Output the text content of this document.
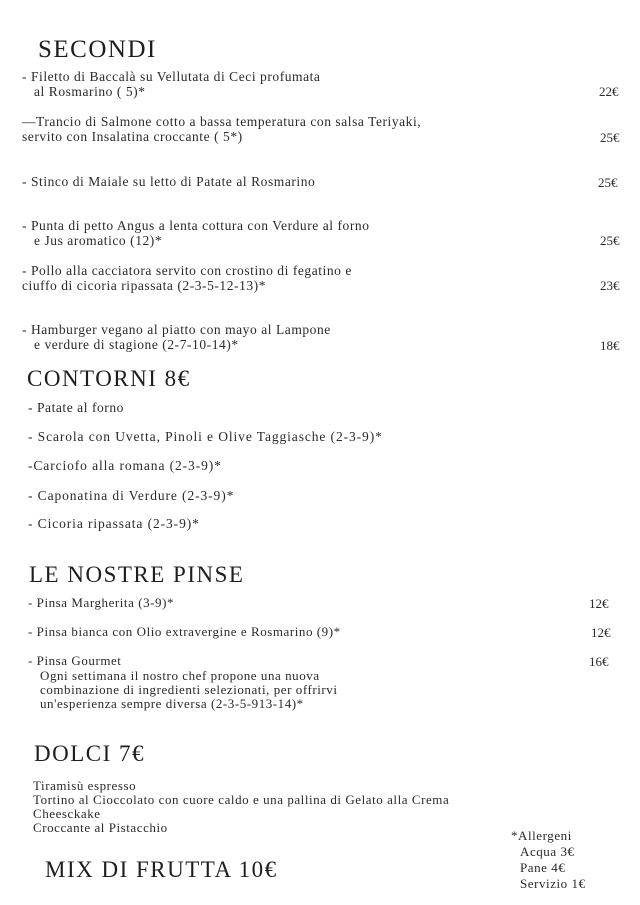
SECONDI

- Filetto di Baccalà su Vellutata di Ceci profumata

al Rosmarino ( 5)*	22€

—Trancio di Salmone cotto a bassa temperatura con salsa Teriyaki,

servito con Insalatina croccante ( 5*)	25€

- Stinco di Maiale su letto di Patate al Rosmarino	25€

- Punta di petto Angus a lenta cottura con Verdure al forno

e Jus aromatico (12)*	25€

- Pollo alla cacciatora servito con crostino di fegatino e

ciuffo di cicoria ripassata (2-3-5-12-13)*	23€

- Hamburger vegano al piatto con mayo al Lampone

e verdure di stagione (2-7-10-14)*	18€
CONTORNI 8€

- Patate al forno

- Scarola con Uvetta, Pinoli e Olive Taggiasche (2-3-9)*

-Carciofo alla romana (2-3-9)*

- Caponatina di Verdure (2-3-9)*

- Cicoria ripassata (2-3-9)*

LE NOSTRE PINSE

- Pinsa Margherita (3-9)*	12€

- Pinsa bianca con Olio extravergine e Rosmarino (9)*	12€

- Pinsa Gourmet	16€

Ogni settimana il nostro chef propone una nuova

combinazione di ingredienti selezionati, per offrirvi

un'esperienza sempre diversa (2-3-5-913-14)*

DOLCI 7€

Tiramisù espresso

Tortino al Cioccolato con cuore caldo e una pallina di Gelato alla Crema

Cheesckake

Croccante al Pistacchio

MIX DI FRUTTA 10€

*Allergeni

Acqua 3€

Pane 4€

Servizio 1€
